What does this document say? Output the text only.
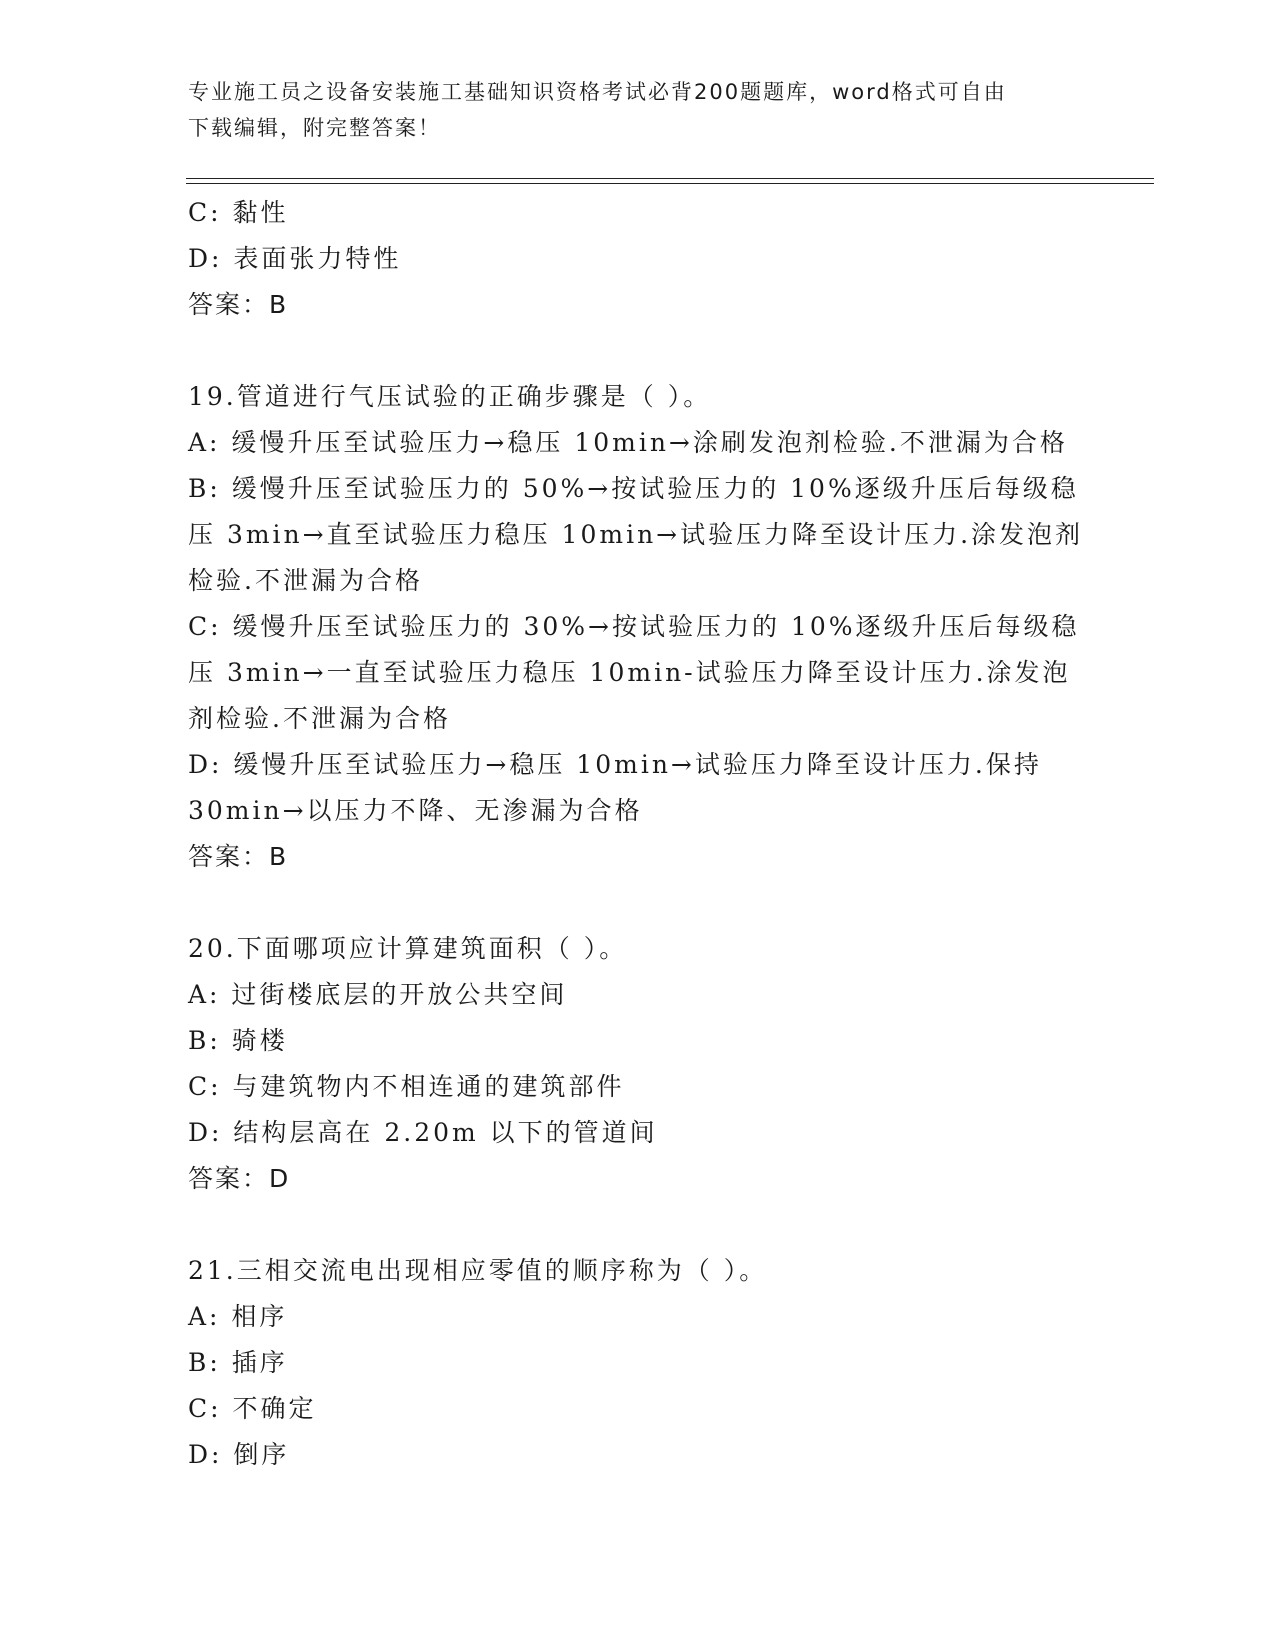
专业施工员之设备安装施工基础知识资格考试必背200题题库，word格式可自由
下载编辑，附完整答案！
C: 黏性
D: 表面张力特性
答案：B
19.管道进行气压试验的正确步骤是（ ）。
A: 缓慢升压至试验压力→稳压 10min→涂刷发泡剂检验.不泄漏为合格
B: 缓慢升压至试验压力的 50%→按试验压力的 10%逐级升压后每级稳
压 3min→直至试验压力稳压 10min→试验压力降至设计压力.涂发泡剂
检验.不泄漏为合格
C: 缓慢升压至试验压力的 30%→按试验压力的 10%逐级升压后每级稳
压 3min→一直至试验压力稳压 10min-试验压力降至设计压力.涂发泡
剂检验.不泄漏为合格
D: 缓慢升压至试验压力→稳压 10min→试验压力降至设计压力.保持
30min→以压力不降、无渗漏为合格
答案：B
20.下面哪项应计算建筑面积（ ）。
A: 过街楼底层的开放公共空间
B: 骑楼
C: 与建筑物内不相连通的建筑部件
D: 结构层高在 2.20m 以下的管道间
答案：D
21.三相交流电出现相应零值的顺序称为（ ）。
A: 相序
B: 插序
C: 不确定
D: 倒序
